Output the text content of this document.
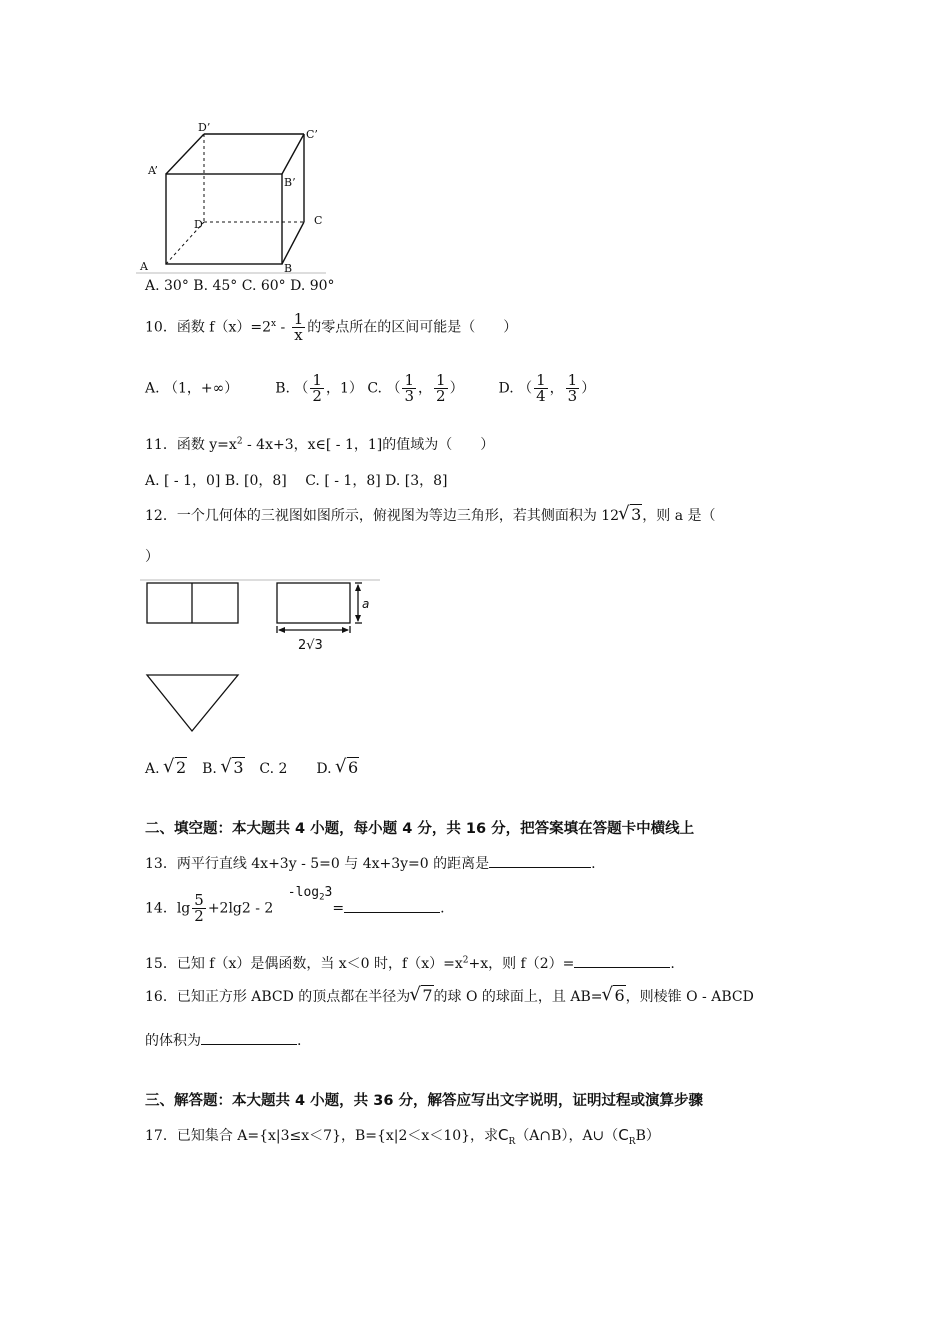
D’
C’
A’
B’
D	C
A	B
A. 30° B. 45° C. 60° D. 90°
10．函数 $f(x)=2^x - \frac{1}{x}$ 的零点所在的区间可能是（　　）
A. （1，+∞）	B. （ $\frac{1}{2}$ ，1） C. （ $\frac{1}{3}$ ， $\frac{1}{2}$ ） D. （ $\frac{1}{4}$ ， $\frac{1}{3}$ ）
11．函数 $y=x^2 - 4x+3$，x∈[ - 1，1]的值域为（　　）
A. [ - 1，0] B. [0，8]　 C. [ - 1，8] D. [3，8]
12．一个几何体的三视图如图所示，俯视图为等边三角形，若其侧面积为 12 √ 3，则 a 是（
）
a
2√3
A. √ 2 B. √ 3 C. 2 D. √ 6
二、填空题：本大题共 4 小题，每小题 4 分，共 16 分，把答案填在答题卡中横线上
13．两平行直线 4x+3y - 5=0 与 4x+3y=0 的距离是	.
14．$\lg \frac{5}{2} +2\lg 2 - 2$ $-\log_23=$	.
15．已知 f（x）是偶函数，当 x＜0 时，$f(x)=x^2+x$，则 f（2）=	.
16．已知正方形 ABCD 的顶点都在半径为 √ 7的球 O 的球面上，且 AB= √ 6，则棱锥 O - ABCD
的体积为	.
三、解答题：本大题共 4 小题，共 36 分，解答应写出文字说明，证明过程或演算步骤
17．已知集合 A={x|3≤x＜7}，B={x|2＜x＜10}，求$C_R(A\cap B)$，$A\cup(C_RB)$
